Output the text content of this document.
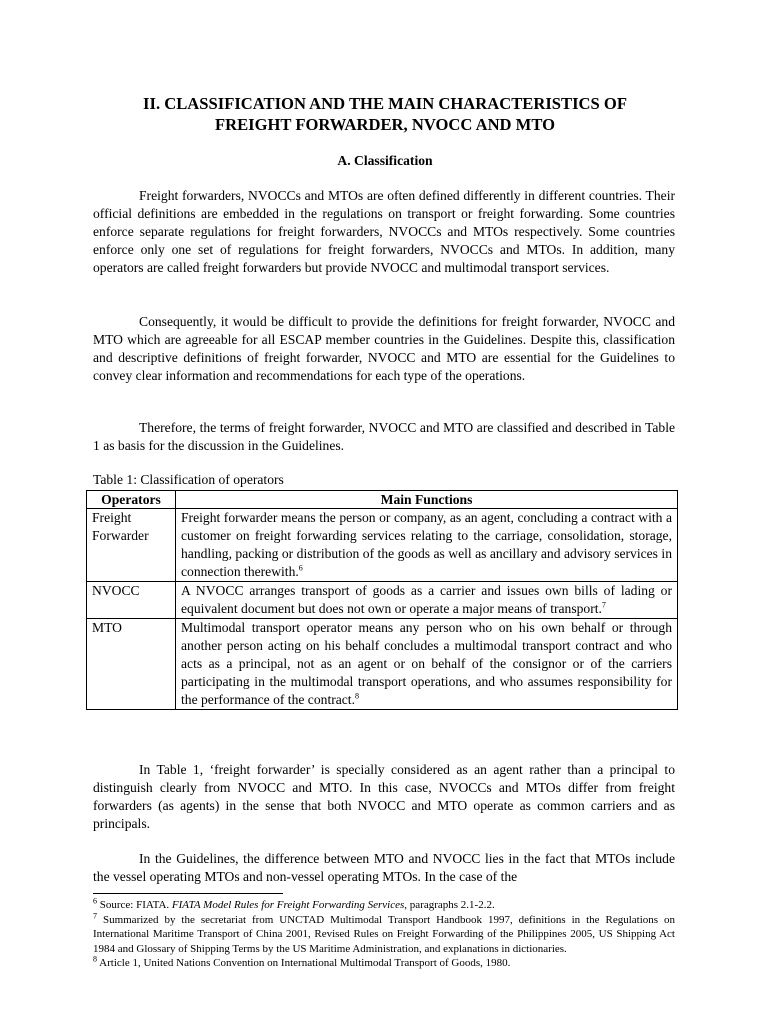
II. CLASSIFICATION AND THE MAIN CHARACTERISTICS OF
FREIGHT FORWARDER, NVOCC AND MTO
A. Classification

Freight forwarders, NVOCCs and MTOs are often defined differently in different countries. Their official definitions are embedded in the regulations on transport or freight forwarding. Some countries enforce separate regulations for freight forwarders, NVOCCs and MTOs respectively. Some countries enforce only one set of regulations for freight forwarders, NVOCCs and MTOs. In addition, many operators are called freight forwarders but provide NVOCC and multimodal transport services.

Consequently, it would be difficult to provide the definitions for freight forwarder, NVOCC and MTO which are agreeable for all ESCAP member countries in the Guidelines. Despite this, classification and descriptive definitions of freight forwarder, NVOCC and MTO are essential for the Guidelines to convey clear information and recommendations for each type of the operations.

Therefore, the terms of freight forwarder, NVOCC and MTO are classified and described in Table 1 as basis for the discussion in the Guidelines.

Table 1: Classification of operators
Operators	Main Functions
Freight Forwarder	Freight forwarder means the person or company, as an agent, concluding a contract with a customer on freight forwarding services relating to the carriage, consolidation, storage, handling, packing or distribution of the goods as well as ancillary and advisory services in connection therewith.$^6$
NVOCC	A NVOCC arranges transport of goods as a carrier and issues own bills of lading or equivalent document but does not own or operate a major means of transport.$^7$
MTO	Multimodal transport operator means any person who on his own behalf or through another person acting on his behalf concludes a multimodal transport contract and who acts as a principal, not as an agent or on behalf of the consignor or of the carriers participating in the multimodal transport operations, and who assumes responsibility for the performance of the contract.$^8$

In Table 1, ‘freight forwarder’ is specially considered as an agent rather than a principal to distinguish clearly from NVOCC and MTO. In this case, NVOCCs and MTOs differ from freight forwarders (as agents) in the sense that both NVOCC and MTO operate as common carriers and as principals.

In the Guidelines, the difference between MTO and NVOCC lies in the fact that MTOs include the vessel operating MTOs and non-vessel operating MTOs. In the case of the

$^6$ Source: FIATA. FIATA Model Rules for Freight Forwarding Services, paragraphs 2.1-2.2.

$^7$ Summarized by the secretariat from UNCTAD Multimodal Transport Handbook 1997, definitions in the Regulations on International Maritime Transport of China 2001, Revised Rules on Freight Forwarding of the Philippines 2005, US Shipping Act 1984 and Glossary of Shipping Terms by the US Maritime Administration, and explanations in dictionaries.

$^8$ Article 1, United Nations Convention on International Multimodal Transport of Goods, 1980.
